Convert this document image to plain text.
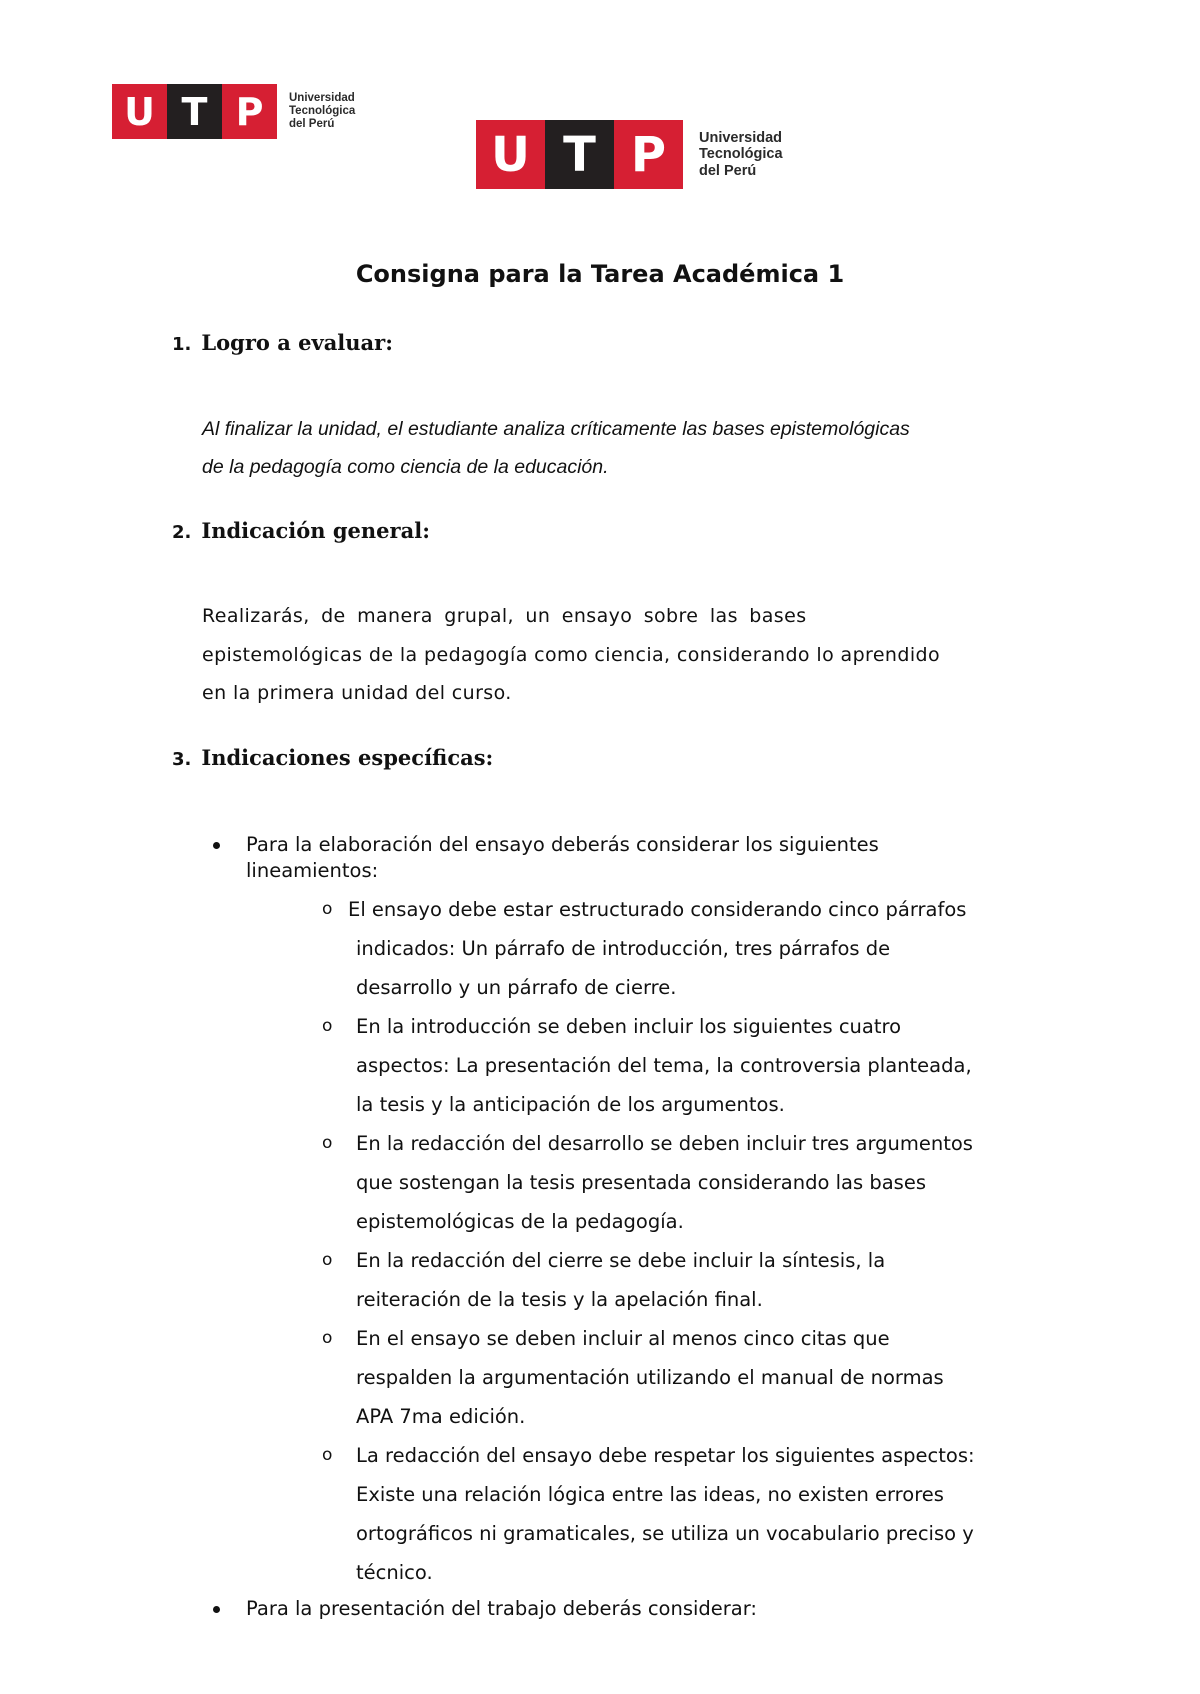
U T P	Universidad
Tecnológica
del Perú
U T P	Universidad
Tecnológica
del Perú
Consigna para la Tarea Académica 1
1. Logro a evaluar:
Al finalizar la unidad, el estudiante analiza críticamente las bases epistemológicas
de la pedagogía como ciencia de la educación.
2. Indicación general:
Realizarás, de manera grupal, un ensayo sobre las bases
epistemológicas de la pedagogía como ciencia, considerando lo aprendido
en la primera unidad del curso.
3. Indicaciones específicas:
Para la elaboración del ensayo deberás considerar los siguientes
lineamientos:
o El ensayo debe estar estructurado considerando cinco párrafos
indicados: Un párrafo de introducción, tres párrafos de
desarrollo y un párrafo de cierre.
o En la introducción se deben incluir los siguientes cuatro
aspectos: La presentación del tema, la controversia planteada,
la tesis y la anticipación de los argumentos.
o En la redacción del desarrollo se deben incluir tres argumentos
que sostengan la tesis presentada considerando las bases
epistemológicas de la pedagogía.
o En la redacción del cierre se debe incluir la síntesis, la
reiteración de la tesis y la apelación final.
o En el ensayo se deben incluir al menos cinco citas que
respalden la argumentación utilizando el manual de normas
APA 7ma edición.
o La redacción del ensayo debe respetar los siguientes aspectos:
Existe una relación lógica entre las ideas, no existen errores
ortográficos ni gramaticales, se utiliza un vocabulario preciso y
técnico.
Para la presentación del trabajo deberás considerar:
